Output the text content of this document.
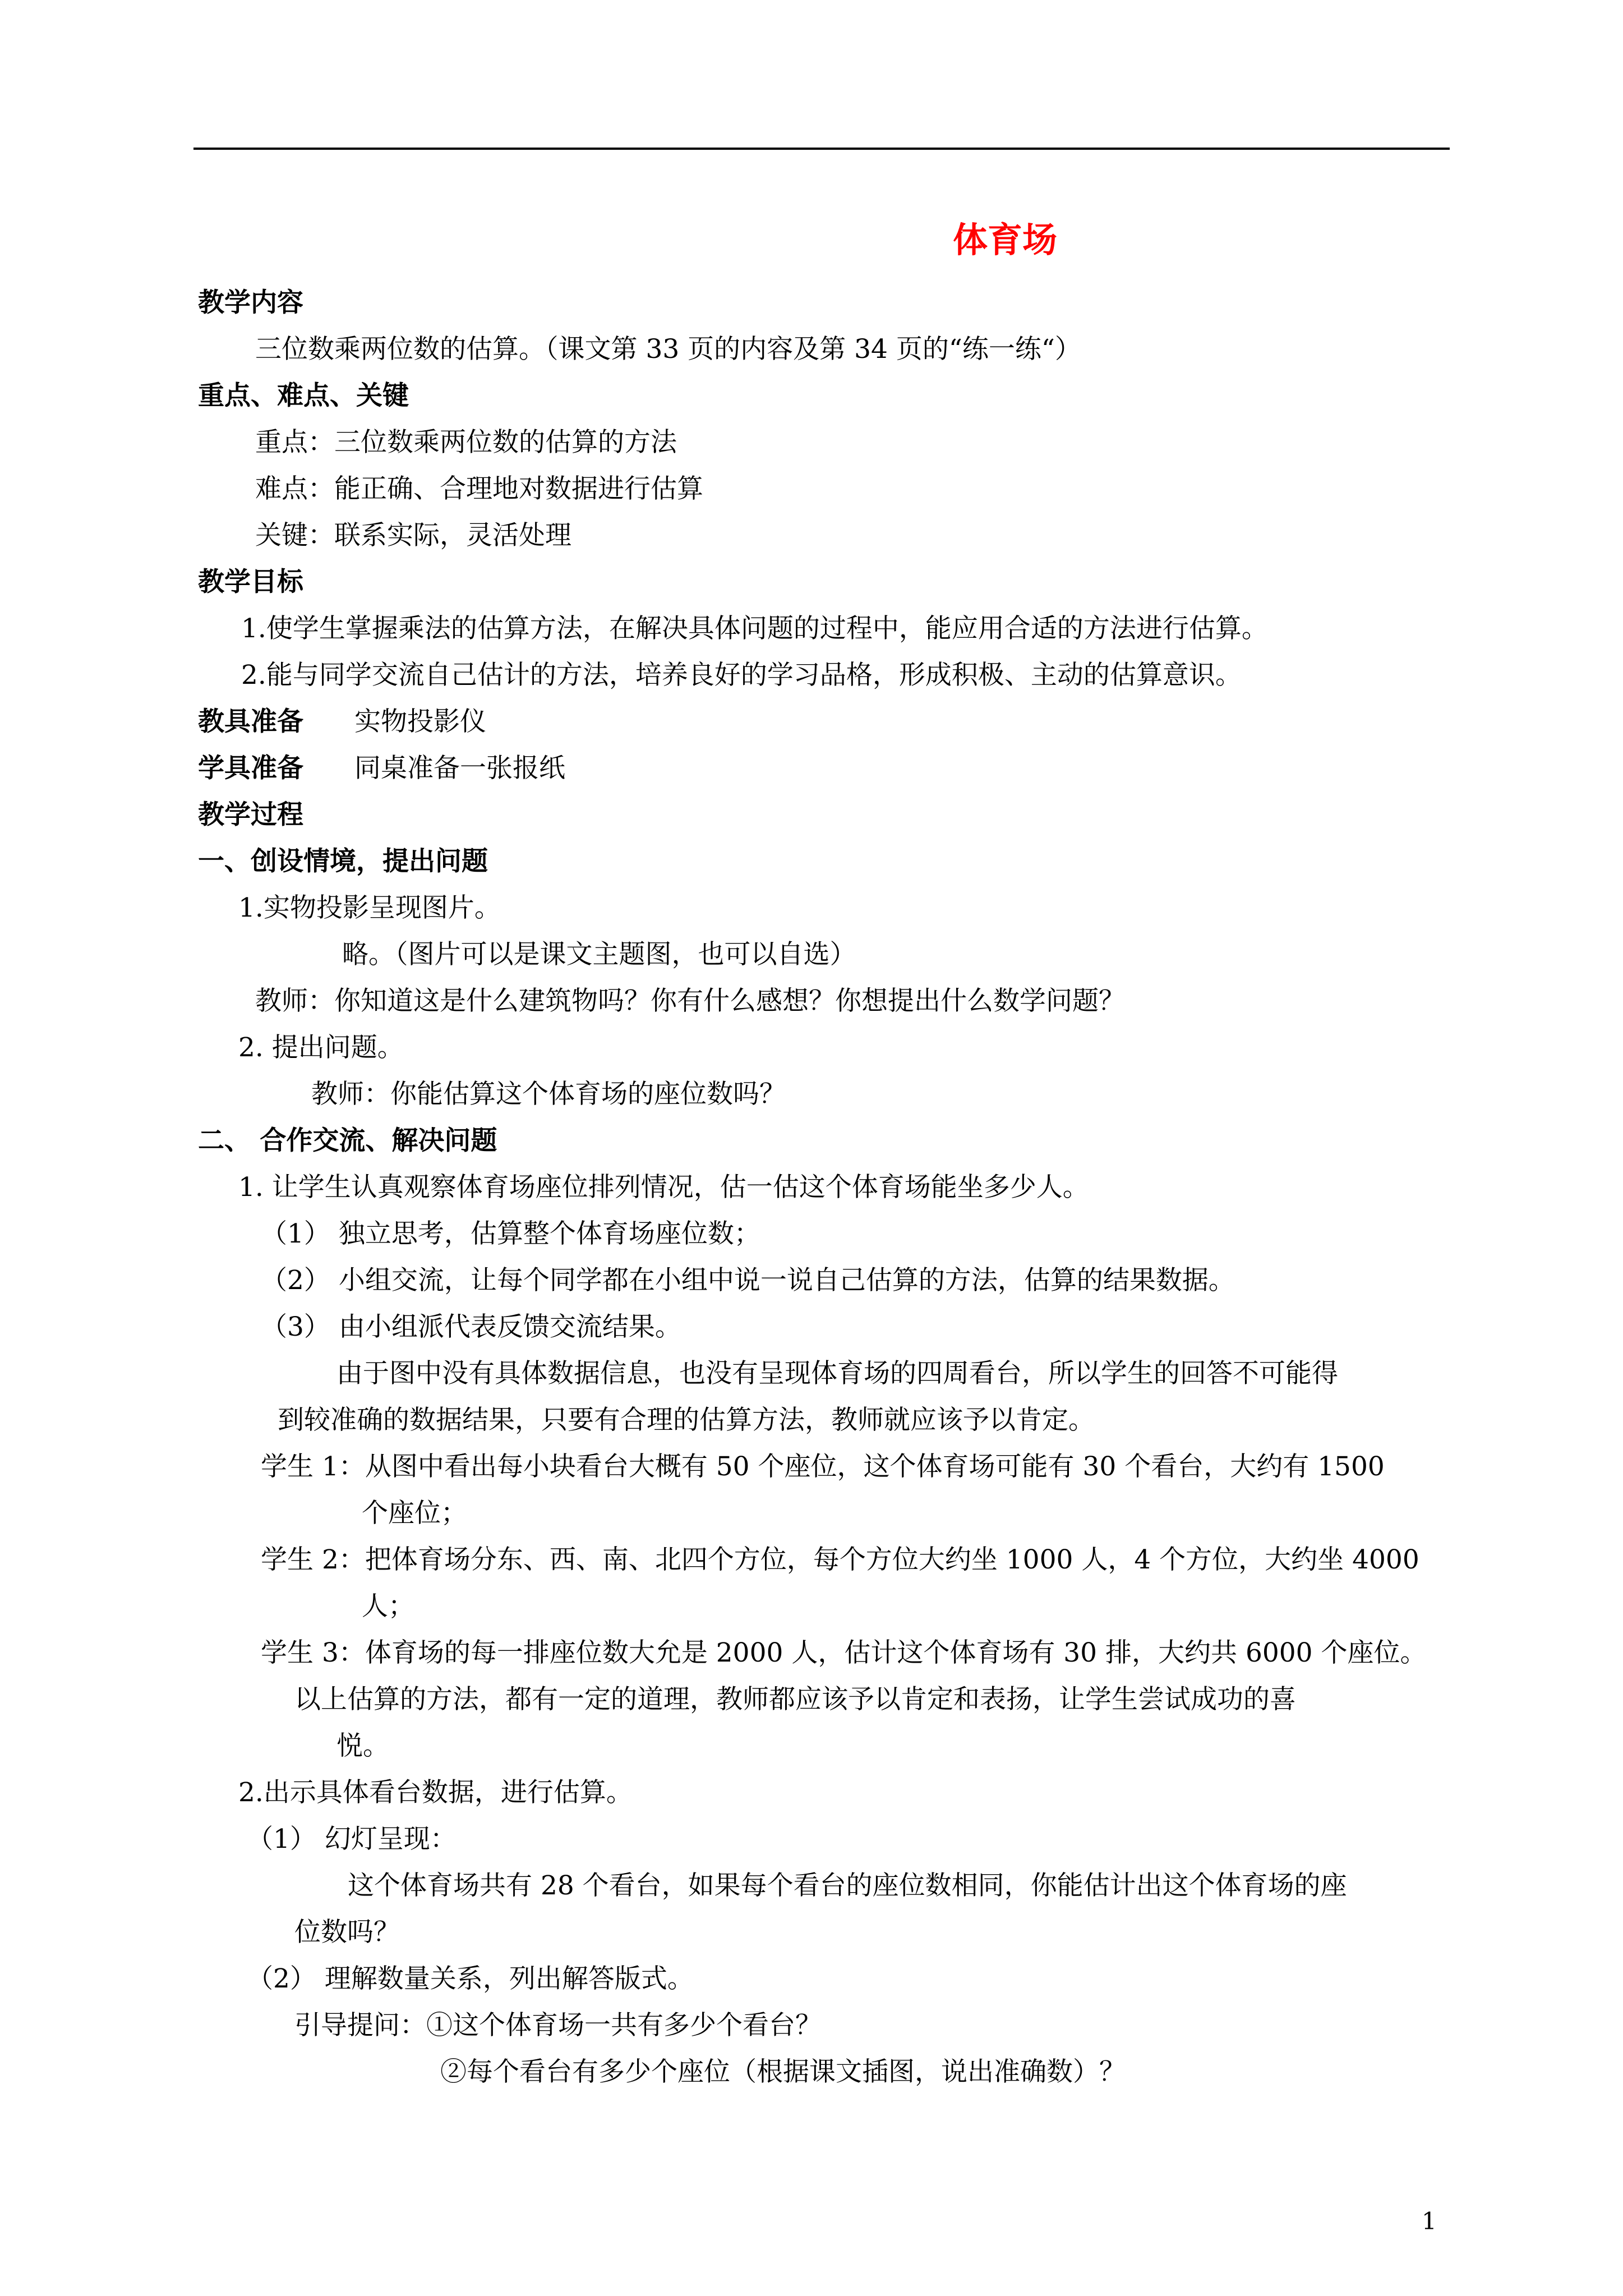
体育场
教学内容
三位数乘两位数的估算。（课文第 33 页的内容及第 34 页的“练一练“）
重点、难点、关键
重点：三位数乘两位数的估算的方法
难点：能正确、合理地对数据进行估算
关键：联系实际，灵活处理
教学目标
1.使学生掌握乘法的估算方法，在解决具体问题的过程中，能应用合适的方法进行估算。
2.能与同学交流自己估计的方法，培养良好的学习品格，形成积极、主动的估算意识。
教具准备 实物投影仪
学具准备 同桌准备一张报纸
教学过程
一、创设情境，提出问题
1.实物投影呈现图片。
略。（图片可以是课文主题图，也可以自选）
教师：你知道这是什么建筑物吗？你有什么感想？你想提出什么数学问题？
2. 提出问题。
教师：你能估算这个体育场的座位数吗？
二、 合作交流、解决问题
1. 让学生认真观察体育场座位排列情况，估一估这个体育场能坐多少人。
（1） 独立思考，估算整个体育场座位数；
（2） 小组交流，让每个同学都在小组中说一说自己估算的方法，估算的结果数据。
（3） 由小组派代表反馈交流结果。
由于图中没有具体数据信息，也没有呈现体育场的四周看台，所以学生的回答不可能得
到较准确的数据结果，只要有合理的估算方法，教师就应该予以肯定。
学生 1：从图中看出每小块看台大概有 50 个座位，这个体育场可能有 30 个看台，大约有 1500
个座位；
学生 2：把体育场分东、西、南、北四个方位，每个方位大约坐 1000 人，4 个方位，大约坐 4000
人；
学生 3：体育场的每一排座位数大允是 2000 人，估计这个体育场有 30 排，大约共 6000 个座位。
以上估算的方法，都有一定的道理，教师都应该予以肯定和表扬，让学生尝试成功的喜
悦。
2.出示具体看台数据，进行估算。
（1） 幻灯呈现：
这个体育场共有 28 个看台，如果每个看台的座位数相同，你能估计出这个体育场的座
位数吗？
（2） 理解数量关系，列出解答版式。
引导提问：①这个体育场一共有多少个看台？
②每个看台有多少个座位（根据课文插图，说出准确数）？
1
